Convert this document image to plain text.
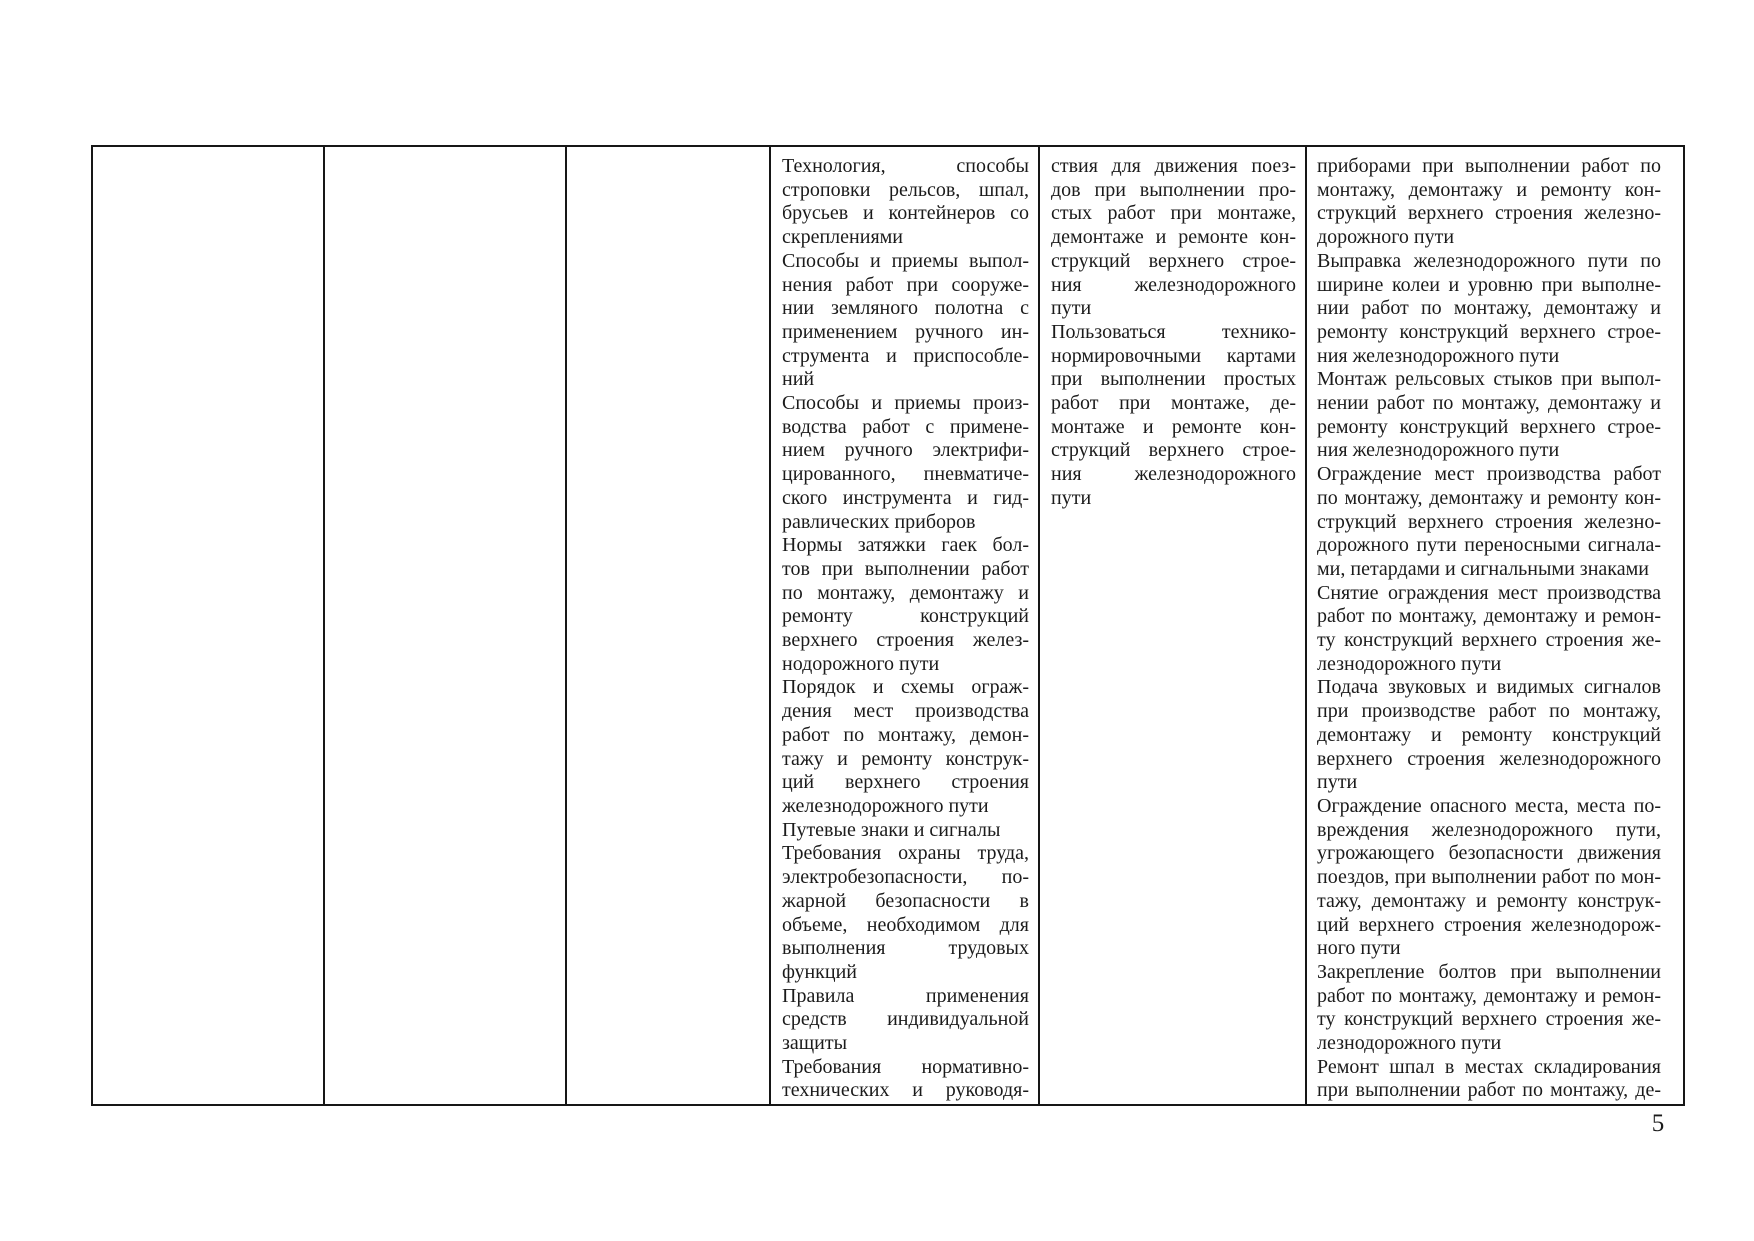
Технология, способы
строповки рельсов, шпал,
брусьев и контейнеров со
скреплениями
Способы и приемы выпол-
нения работ при сооруже-
нии земляного полотна с
применением ручного ин-
струмента и приспособле-
ний
Способы и приемы произ-
водства работ с примене-
нием ручного электрифи-
цированного, пневматиче-
ского инструмента и гид-
равлических приборов
Нормы затяжки гаек бол-
тов при выполнении работ
по монтажу, демонтажу и
ремонту конструкций
верхнего строения желез-
нодорожного пути
Порядок и схемы ограж-
дения мест производства
работ по монтажу, демон-
тажу и ремонту конструк-
ций верхнего строения
железнодорожного пути
Путевые знаки и сигналы
Требования охраны труда,
электробезопасности, по-
жарной безопасности в
объеме, необходимом для
выполнения трудовых
функций
Правила применения
средств индивидуальной
защиты
Требования нормативно-
технических и руководя-
ствия для движения поез-
дов при выполнении про-
стых работ при монтаже,
демонтаже и ремонте кон-
струкций верхнего строе-
ния железнодорожного
пути
Пользоваться технико-
нормировочными картами
при выполнении простых
работ при монтаже, де-
монтаже и ремонте кон-
струкций верхнего строе-
ния железнодорожного
пути
приборами при выполнении работ по
монтажу, демонтажу и ремонту кон-
струкций верхнего строения железно-
дорожного пути
Выправка железнодорожного пути по
ширине колеи и уровню при выполне-
нии работ по монтажу, демонтажу и
ремонту конструкций верхнего строе-
ния железнодорожного пути
Монтаж рельсовых стыков при выпол-
нении работ по монтажу, демонтажу и
ремонту конструкций верхнего строе-
ния железнодорожного пути
Ограждение мест производства работ
по монтажу, демонтажу и ремонту кон-
струкций верхнего строения железно-
дорожного пути переносными сигнала-
ми, петардами и сигнальными знаками
Снятие ограждения мест производства
работ по монтажу, демонтажу и ремон-
ту конструкций верхнего строения же-
лезнодорожного пути
Подача звуковых и видимых сигналов
при производстве работ по монтажу,
демонтажу и ремонту конструкций
верхнего строения железнодорожного
пути
Ограждение опасного места, места по-
вреждения железнодорожного пути,
угрожающего безопасности движения
поездов, при выполнении работ по мон-
тажу, демонтажу и ремонту конструк-
ций верхнего строения железнодорож-
ного пути
Закрепление болтов при выполнении
работ по монтажу, демонтажу и ремон-
ту конструкций верхнего строения же-
лезнодорожного пути
Ремонт шпал в местах складирования
при выполнении работ по монтажу, де-
5
